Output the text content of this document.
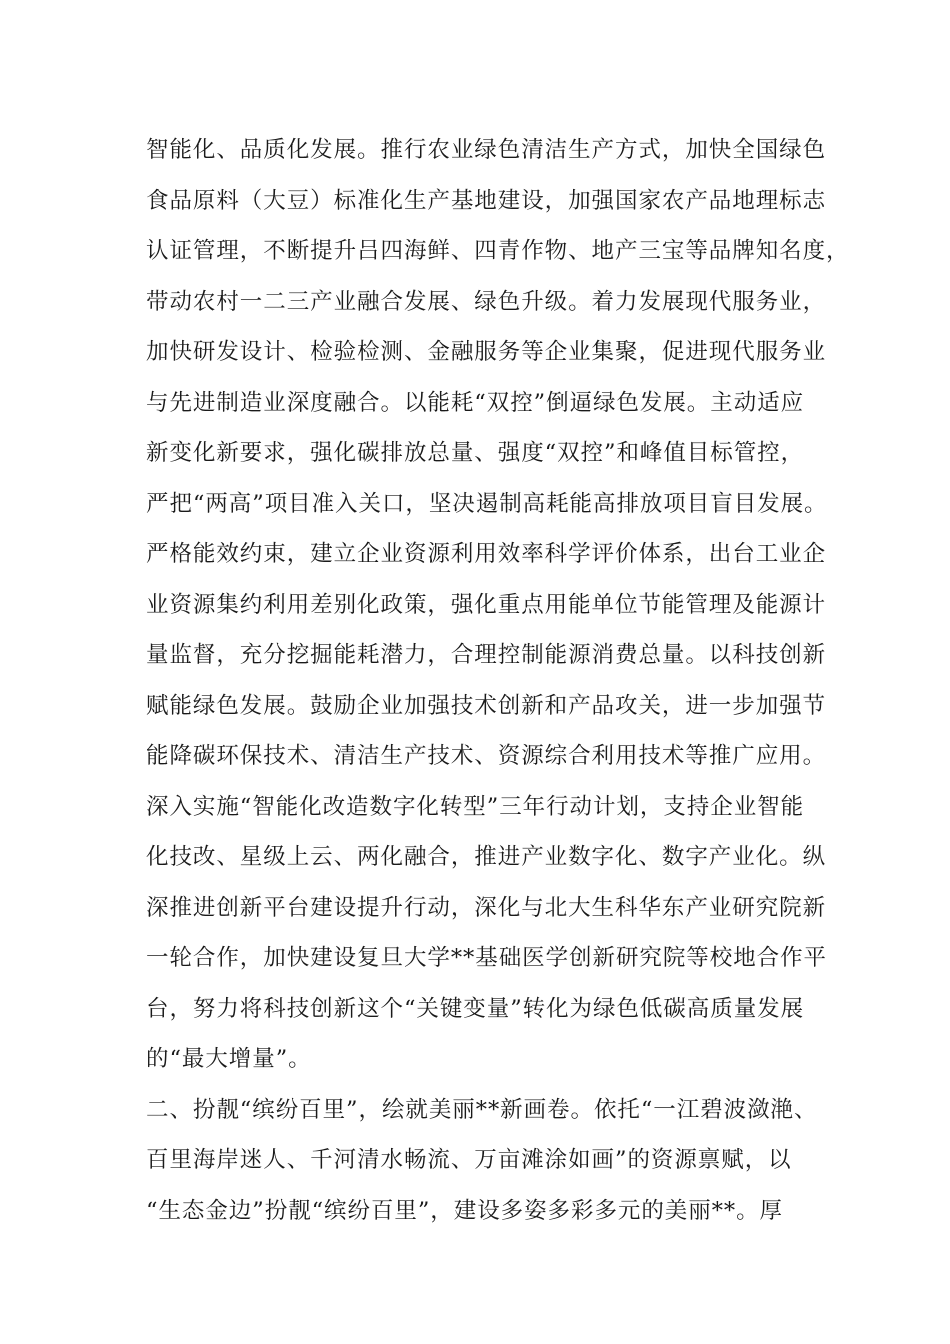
智能化、品质化发展。推行农业绿色清洁生产方式，加快全国绿色
食品原料（大豆）标准化生产基地建设，加强国家农产品地理标志
认证管理，不断提升吕四海鲜、四青作物、地产三宝等品牌知名度，
带动农村一二三产业融合发展、绿色升级。着力发展现代服务业，
加快研发设计、检验检测、金融服务等企业集聚，促进现代服务业
与先进制造业深度融合。以能耗“双控”倒逼绿色发展。主动适应
新变化新要求，强化碳排放总量、强度“双控”和峰值目标管控，
严把“两高”项目准入关口，坚决遏制高耗能高排放项目盲目发展。
严格能效约束，建立企业资源利用效率科学评价体系，出台工业企
业资源集约利用差别化政策，强化重点用能单位节能管理及能源计
量监督，充分挖掘能耗潜力，合理控制能源消费总量。以科技创新
赋能绿色发展。鼓励企业加强技术创新和产品攻关，进一步加强节
能降碳环保技术、清洁生产技术、资源综合利用技术等推广应用。
深入实施“智能化改造数字化转型”三年行动计划，支持企业智能
化技改、星级上云、两化融合，推进产业数字化、数字产业化。纵
深推进创新平台建设提升行动，深化与北大生科华东产业研究院新
一轮合作，加快建设复旦大学**基础医学创新研究院等校地合作平
台，努力将科技创新这个“关键变量”转化为绿色低碳高质量发展
的“最大增量”。
二、扮靓“缤纷百里”，绘就美丽**新画卷。依托“一江碧波潋滟、
百里海岸迷人、千河清水畅流、万亩滩涂如画”的资源禀赋，以
“生态金边”扮靓“缤纷百里”，建设多姿多彩多元的美丽**。厚
